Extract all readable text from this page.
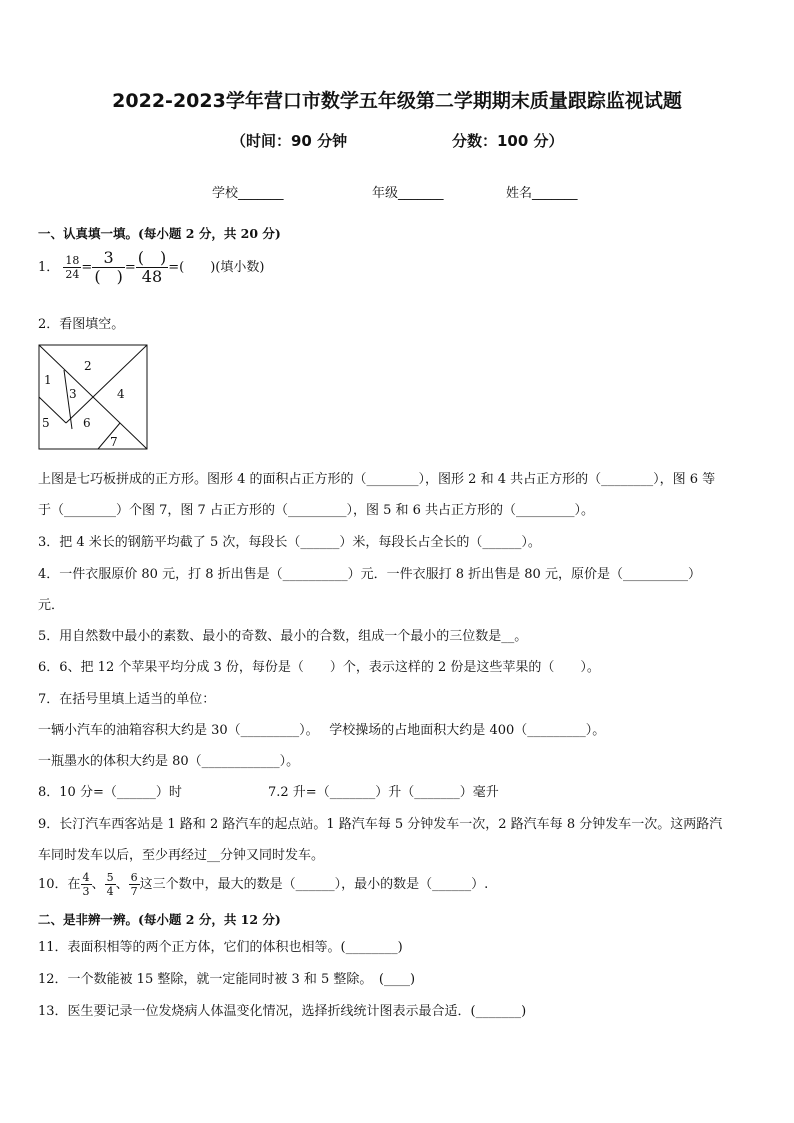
2022-2023学年营口市数学五年级第二学期期末质量跟踪监视试题
（时间：90 分钟	分数：100 分）
学校_______	年级_______	姓名_______
一、认真填一填。(每小题 2 分，共 20 分)
1． $\frac{18}{24} = \frac{3}{( )} = \frac{( )}{48}$ =(　　)(填小数)
2．看图填空。
1
2
3	4
5	6
7
上图是七巧板拼成的正方形。图形 4 的面积占正方形的（________），图形 2 和 4 共占正方形的（________），图 6 等
于（________）个图 7，图 7 占正方形的（_________），图 5 和 6 共占正方形的（_________）。
3．把 4 米长的钢筋平均截了 5 次，每段长（______）米，每段长占全长的（______）。
4．一件衣服原价 80 元，打 8 折出售是（__________）元．一件衣服打 8 折出售是 80 元，原价是（__________）
元．
5．用自然数中最小的素数、最小的奇数、最小的合数，组成一个最小的三位数是__。
6．6、把 12 个苹果平均分成 3 份，每份是（　　）个，表示这样的 2 份是这些苹果的（　　）。
7．在括号里填上适当的单位：
一辆小汽车的油箱容积大约是 30（_________）。　 学校操场的占地面积大约是 400（_________）。
一瓶墨水的体积大约是 80（____________）。
8．10 分=（______）时	7.2 升=（_______）升（_______）毫升
9．长汀汽车西客站是 1 路和 2 路汽车的起点站。1 路汽车每 5 分钟发车一次，2 路汽车每 8 分钟发车一次。这两路汽
车同时发车以后，至少再经过__分钟又同时发车。
10．在 $\frac{4}{3}$ 、 $\frac{5}{4}$ 、 $\frac{6}{7}$ 这三个数中，最大的数是（______），最小的数是（______）.
二、是非辨一辨。(每小题 2 分，共 12 分)
11．表面积相等的两个正方体，它们的体积也相等。(________)
12．一个数能被 15 整除，就一定能同时被 3 和 5 整除。　(____)
13．医生要记录一位发烧病人体温变化情况，选择折线统计图表示最合适．(_______)
